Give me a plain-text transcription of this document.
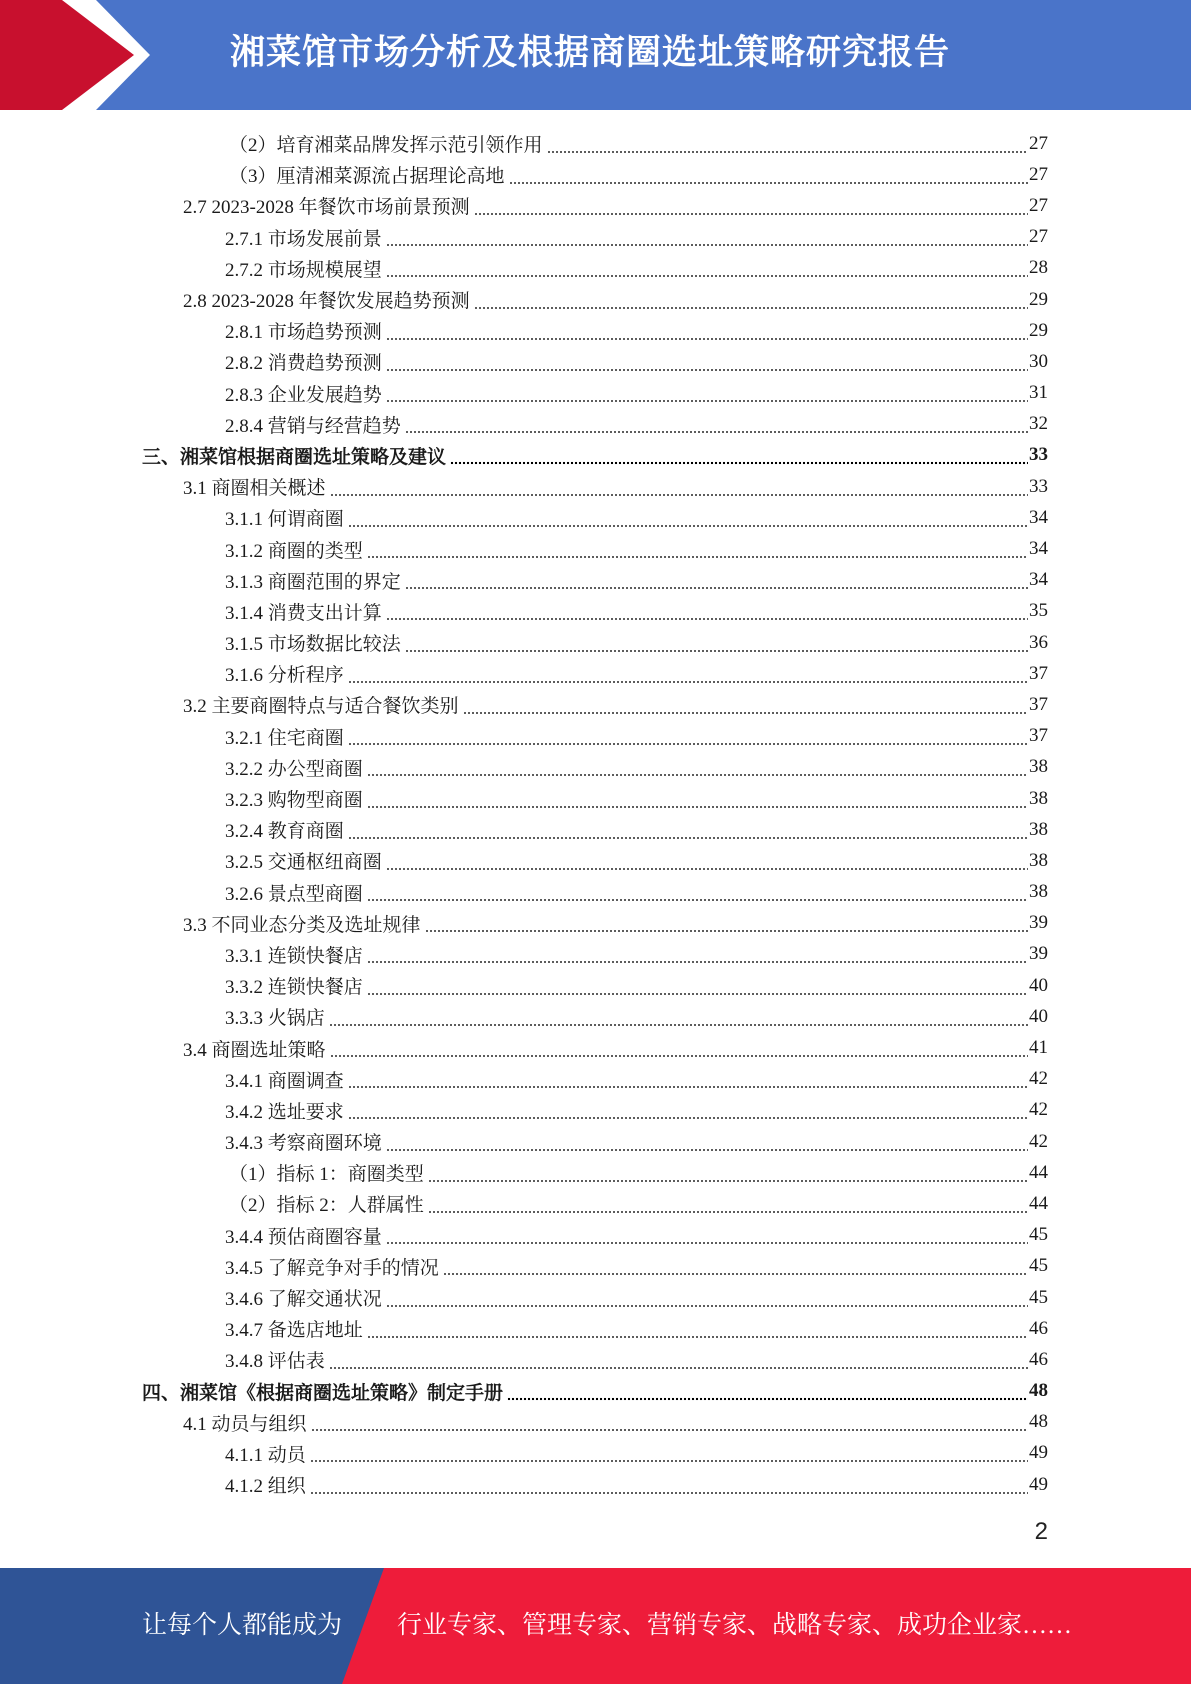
湘菜馆市场分析及根据商圈选址策略研究报告
（2）培育湘菜品牌发挥示范引领作用	27
（3）厘清湘菜源流占据理论高地	27
2.7 2023-2028 年餐饮市场前景预测	27
2.7.1 市场发展前景	27
2.7.2 市场规模展望	28
2.8 2023-2028 年餐饮发展趋势预测	29
2.8.1 市场趋势预测	29
2.8.2 消费趋势预测	30
2.8.3 企业发展趋势	31
2.8.4 营销与经营趋势	32
三、湘菜馆根据商圈选址策略及建议	33
3.1 商圈相关概述	33
3.1.1 何谓商圈	34
3.1.2 商圈的类型	34
3.1.3 商圈范围的界定	34
3.1.4 消费支出计算	35
3.1.5 市场数据比较法	36
3.1.6 分析程序	37
3.2 主要商圈特点与适合餐饮类别	37
3.2.1 住宅商圈	37
3.2.2 办公型商圈	38
3.2.3 购物型商圈	38
3.2.4 教育商圈	38
3.2.5 交通枢纽商圈	38
3.2.6 景点型商圈	38
3.3 不同业态分类及选址规律	39
3.3.1 连锁快餐店	39
3.3.2 连锁快餐店	40
3.3.3 火锅店	40
3.4 商圈选址策略	41
3.4.1 商圈调查	42
3.4.2 选址要求	42
3.4.3 考察商圈环境	42
（1）指标 1：商圈类型	44
（2）指标 2：人群属性	44
3.4.4 预估商圈容量	45
3.4.5 了解竞争对手的情况	45
3.4.6 了解交通状况	45
3.4.7 备选店地址	46
3.4.8 评估表	46
四、湘菜馆《根据商圈选址策略》制定手册	48
4.1 动员与组织	48
4.1.1 动员	49
4.1.2 组织	49
2
让每个人都能成为 行业专家、管理专家、营销专家、战略专家、成功企业家……
